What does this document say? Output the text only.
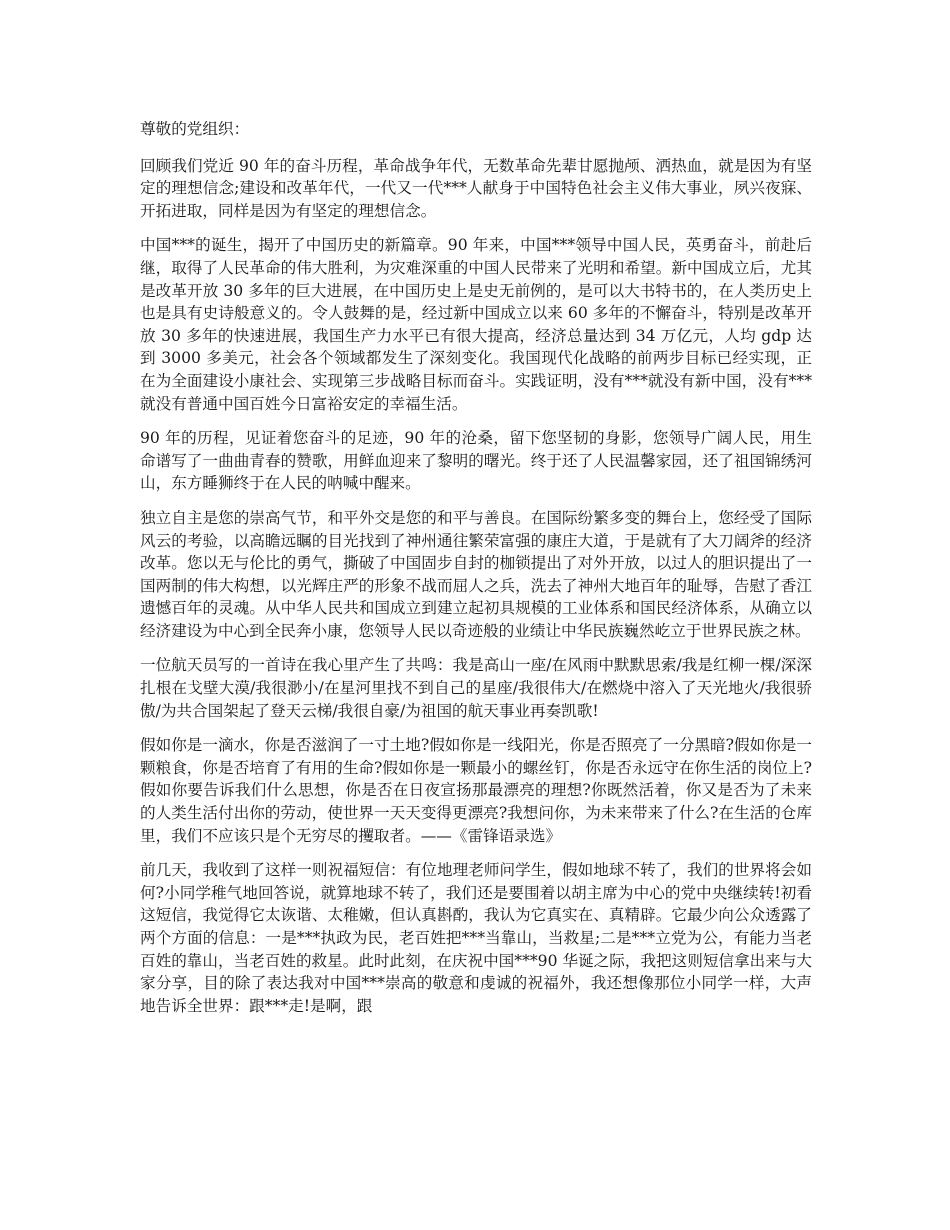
尊敬的党组织：

回顾我们党近 90 年的奋斗历程，革命战争年代，无数革命先辈甘愿抛颅、洒热血，就是因为有坚定的理想信念;建设和改革年代，一代又一代***人献身于中国特色社会主义伟大事业，夙兴夜寐、开拓进取，同样是因为有坚定的理想信念。

中国***的诞生，揭开了中国历史的新篇章。90 年来，中国***领导中国人民，英勇奋斗，前赴后继，取得了人民革命的伟大胜利，为灾难深重的中国人民带来了光明和希望。新中国成立后，尤其是改革开放 30 多年的巨大进展，在中国历史上是史无前例的，是可以大书特书的，在人类历史上也是具有史诗般意义的。令人鼓舞的是，经过新中国成立以来 60 多年的不懈奋斗，特别是改革开放 30 多年的快速进展，我国生产力水平已有很大提高，经济总量达到 34 万亿元，人均 gdp 达到 3000 多美元，社会各个领域都发生了深刻变化。我国现代化战略的前两步目标已经实现，正在为全面建设小康社会、实现第三步战略目标而奋斗。实践证明，没有***就没有新中国，没有***就没有普通中国百姓今日富裕安定的幸福生活。

90 年的历程，见证着您奋斗的足迹，90 年的沧桑，留下您坚韧的身影，您领导广阔人民，用生命谱写了一曲曲青春的赞歌，用鲜血迎来了黎明的曙光。终于还了人民温馨家园，还了祖国锦绣河山，东方睡狮终于在人民的呐喊中醒来。

独立自主是您的崇高气节，和平外交是您的和平与善良。在国际纷繁多变的舞台上，您经受了国际风云的考验，以高瞻远瞩的目光找到了神州通往繁荣富强的康庄大道，于是就有了大刀阔斧的经济改革。您以无与伦比的勇气，撕破了中国固步自封的枷锁提出了对外开放，以过人的胆识提出了一国两制的伟大构想，以光辉庄严的形象不战而屈人之兵，洗去了神州大地百年的耻辱，告慰了香江遗憾百年的灵魂。从中华人民共和国成立到建立起初具规模的工业体系和国民经济体系，从确立以经济建设为中心到全民奔小康，您领导人民以奇迹般的业绩让中华民族巍然屹立于世界民族之林。

一位航天员写的一首诗在我心里产生了共鸣：我是高山一座/在风雨中默默思索/我是红柳一棵/深深扎根在戈壁大漠/我很渺小/在星河里找不到自己的星座/我很伟大/在燃烧中溶入了天光地火/我很骄傲/为共合国架起了登天云梯/我很自豪/为祖国的航天事业再奏凯歌!

假如你是一滴水，你是否滋润了一寸土地?假如你是一线阳光，你是否照亮了一分黑暗?假如你是一颗粮食，你是否培育了有用的生命?假如你是一颗最小的螺丝钉，你是否永远守在你生活的岗位上?假如你要告诉我们什么思想，你是否在日夜宣扬那最漂亮的理想?你既然活着，你又是否为了未来的人类生活付出你的劳动，使世界一天天变得更漂亮?我想问你，为未来带来了什么?在生活的仓库里，我们不应该只是个无穷尽的攫取者。——《雷锋语录选》

前几天，我收到了这样一则祝福短信：有位地理老师问学生，假如地球不转了，我们的世界将会如何?小同学稚气地回答说，就算地球不转了，我们还是要围着以胡主席为中心的党中央继续转!初看这短信，我觉得它太诙谐、太稚嫩，但认真斟酌，我认为它真实在、真精辟。它最少向公众透露了两个方面的信息：一是***执政为民，老百姓把***当靠山，当救星;二是***立党为公，有能力当老百姓的靠山，当老百姓的救星。此时此刻，在庆祝中国***90 华诞之际，我把这则短信拿出来与大家分享，目的除了表达我对中国***崇高的敬意和虔诚的祝福外，我还想像那位小同学一样，大声地告诉全世界：跟***走!是啊，跟
